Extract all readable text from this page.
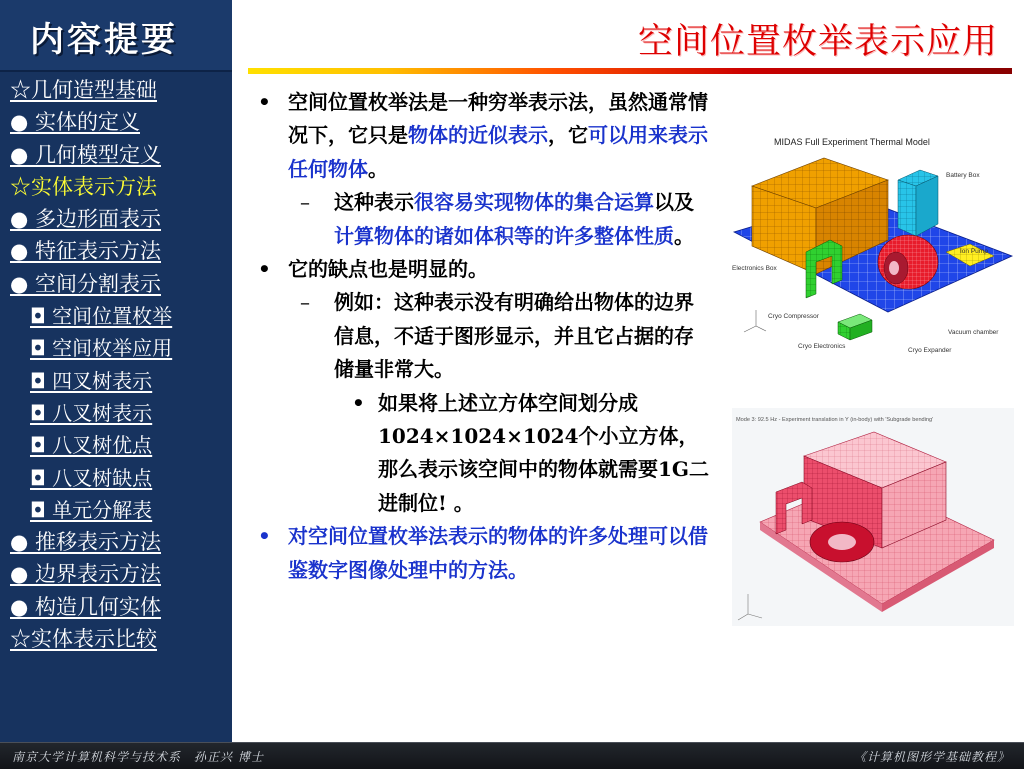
内容提要
☆几何造型基础
● 实体的定义
● 几何模型定义
☆实体表示方法
● 多边形面表示
● 特征表示方法
● 空间分割表示
◘ 空间位置枚举
◘ 空间枚举应用
◘ 四叉树表示
◘ 八叉树表示
◘ 八叉树优点
◘ 八叉树缺点
◘ 单元分解表
● 推移表示方法
● 边界表示方法
● 构造几何实体
☆实体表示比较
空间位置枚举表示应用

• 空间位置枚举法是一种穷举表示法，虽然通常情况下，它只是物体的近似表示，它可以用来表示任何物体。

– 这种表示很容易实现物体的集合运算以及计算物体的诸如体积等的许多整体性质。

• 它的缺点也是明显的。

– 例如：这种表示没有明确给出物体的边界信息，不适于图形显示，并且它占据的存储量非常大。

• 如果将上述立方体空间划分成1024×1024×1024个小立方体，那么表示该空间中的物体就需要1G二进制位! 。

• 对空间位置枚举法表示的物体的许多处理可以借鉴数字图像处理中的方法。

MIDAS Full Experiment Thermal Model
Battery Box
Ion Pump
Electronics Box
Cryo Compressor
Vacuum chamber
Cryo Electronics
Cryo Expander
Mode 3: 92.5 Hz - Experiment translation in Y (in-body) with 'Subgrade bending'
南京大学计算机科学与技术系　孙正兴 博士	《计算机图形学基础教程》
